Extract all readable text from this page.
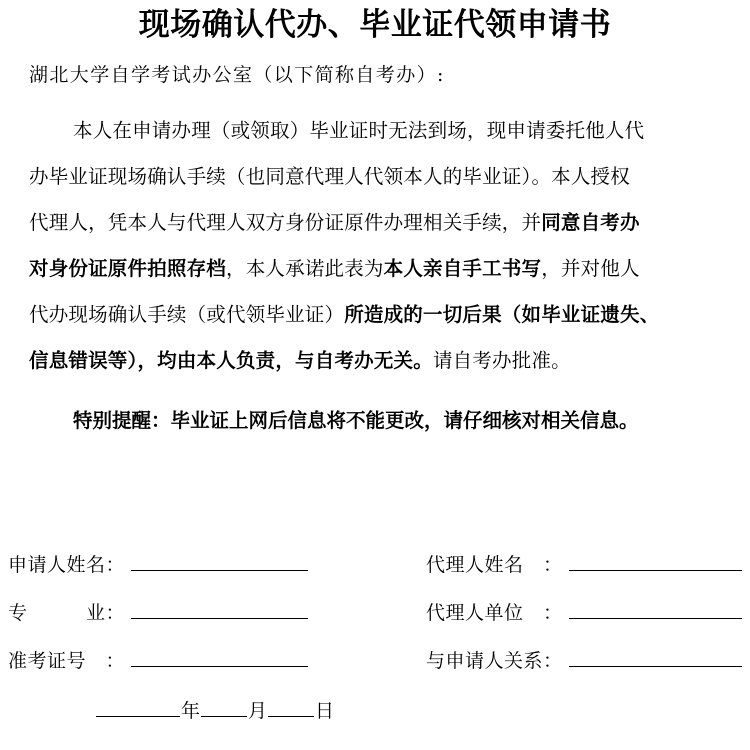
现场确认代办、毕业证代领申请书
湖北大学自学考试办公室（以下简称自考办）:
本人在申请办理（或领取）毕业证时无法到场，现申请委托他人代
办毕业证现场确认手续（也同意代理人代领本人的毕业证）。本人授权
代理人，凭本人与代理人双方身份证原件办理相关手续，并同意自考办
对身份证原件拍照存档，本人承诺此表为本人亲自手工书写，并对他人
代办现场确认手续（或代领毕业证）所造成的一切后果（如毕业证遗失、
信息错误等），均由本人负责，与自考办无关。请自考办批准。
特别提醒：毕业证上网后信息将不能更改，请仔细核对相关信息。
申请人姓名：
专　　　业：
准考证号　：
代理人姓名　：
代理人单位　：
与申请人关系：
年	月	日
